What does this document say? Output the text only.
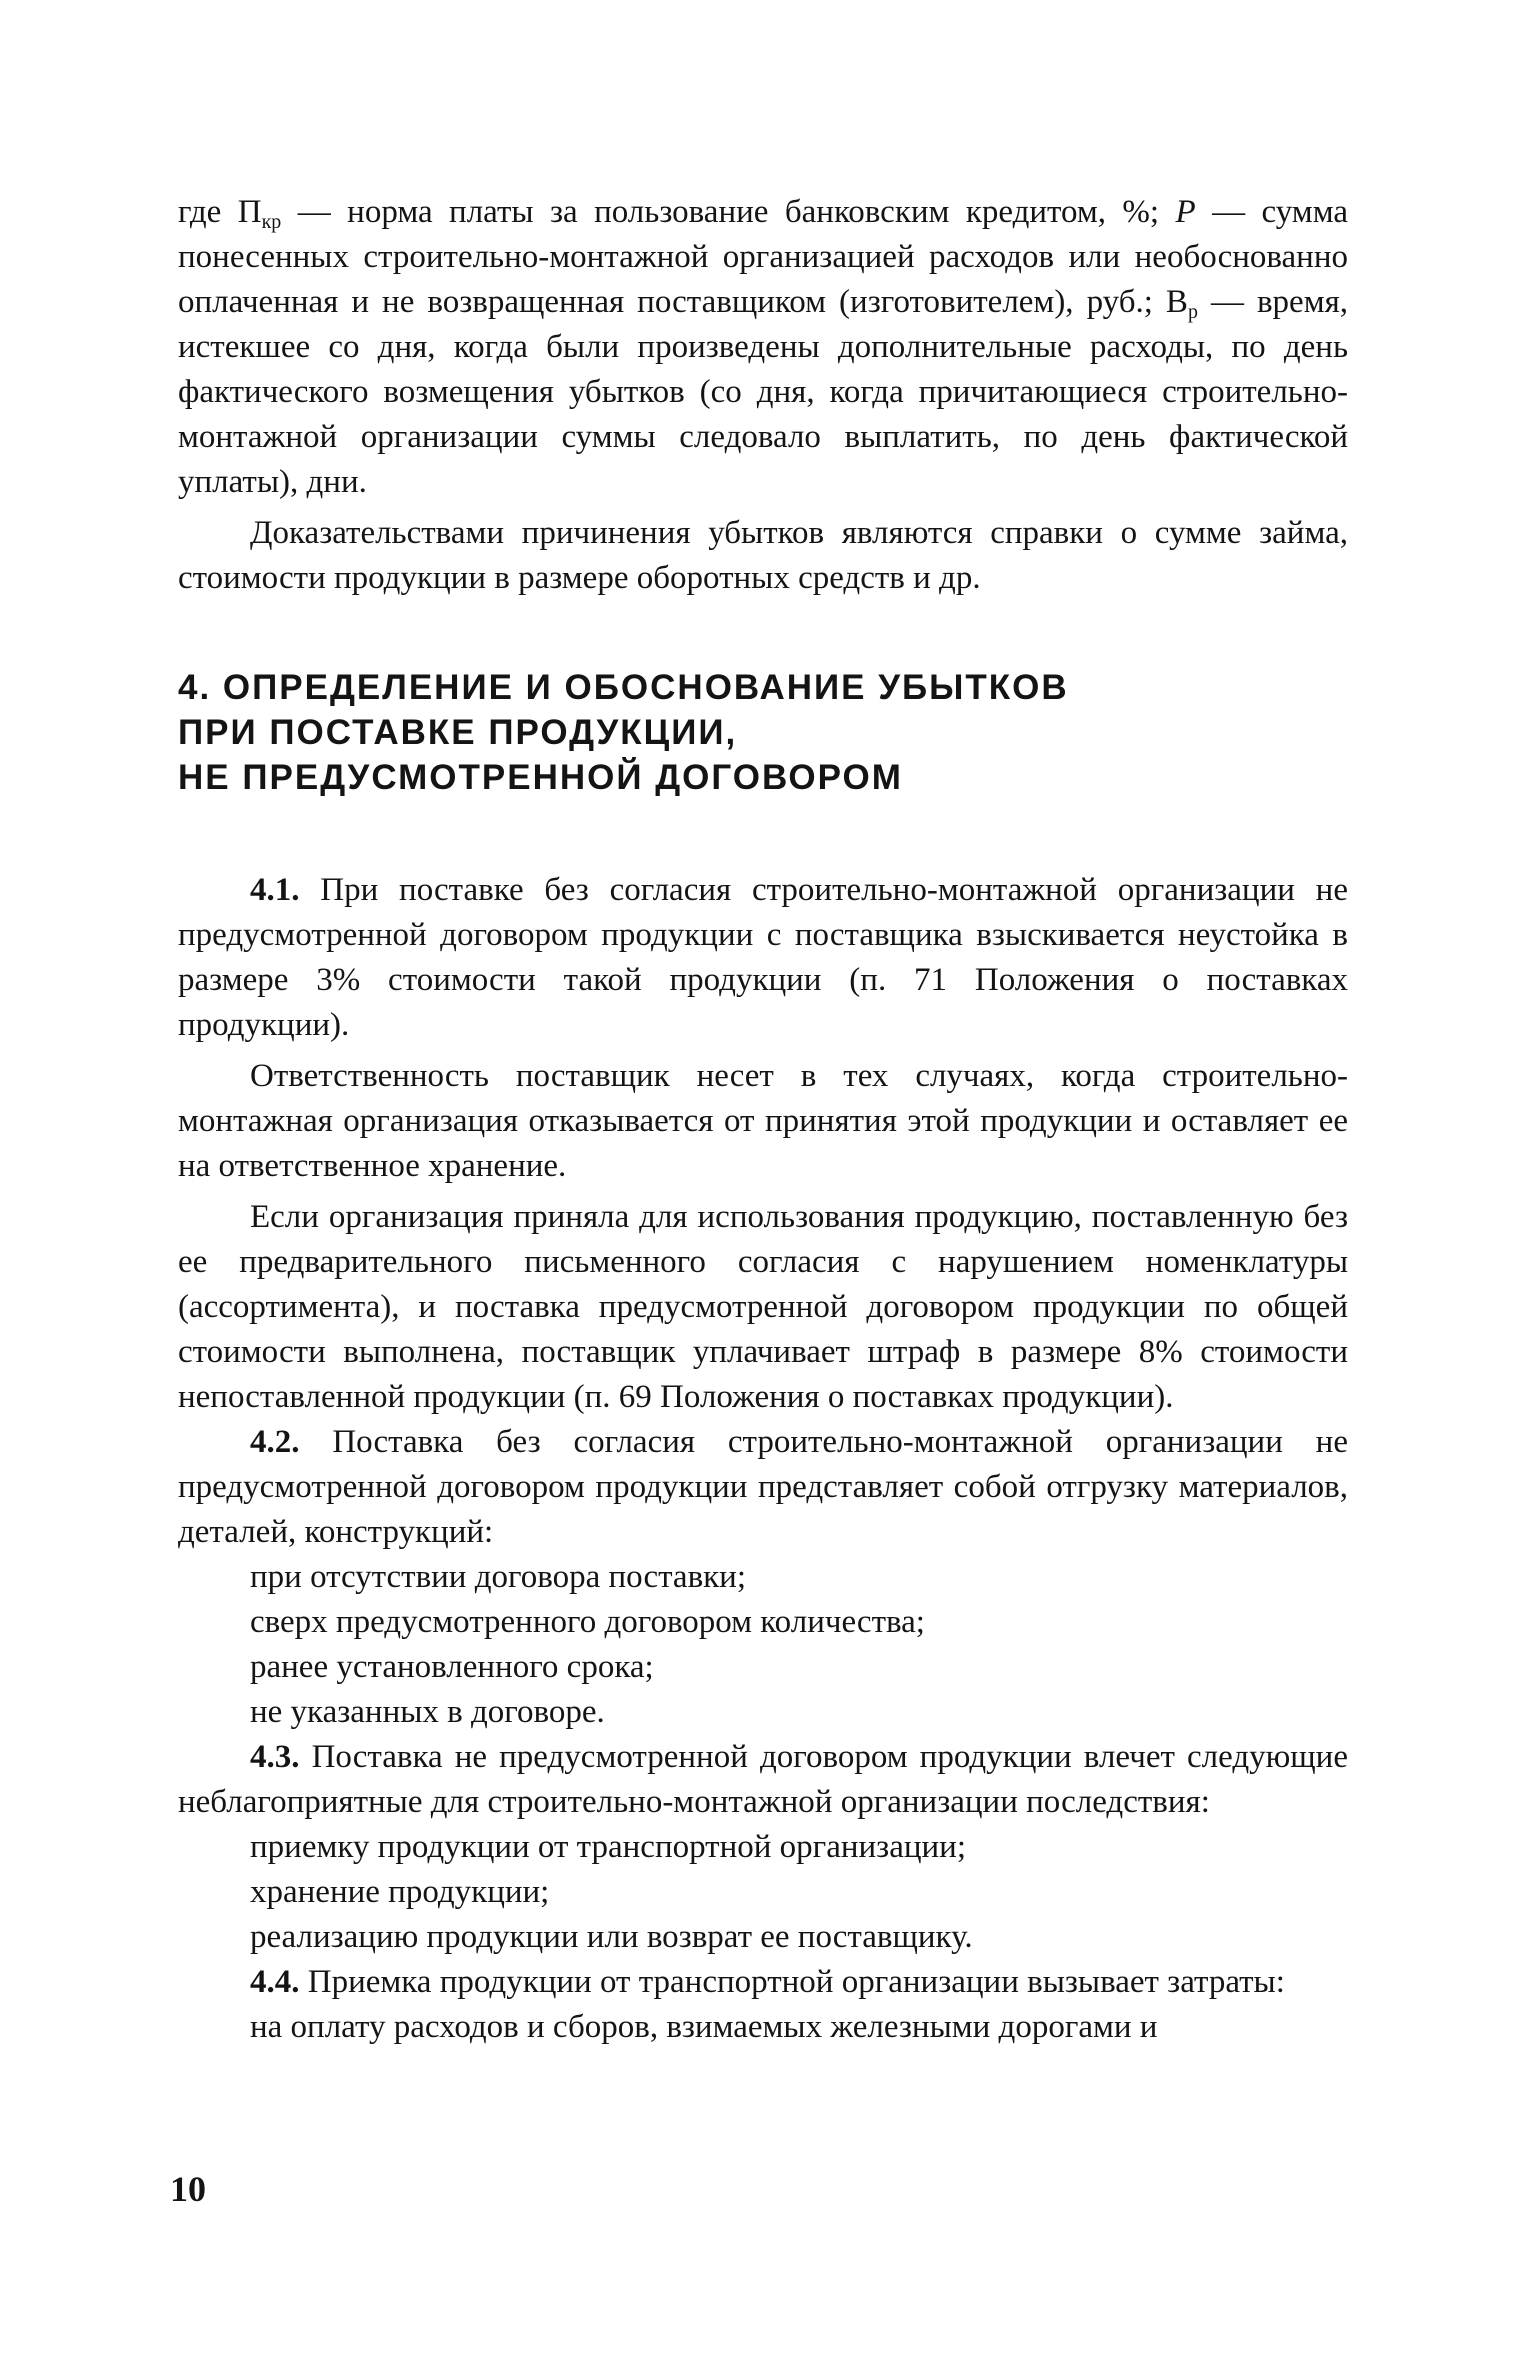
где $П_{кр}$ — норма платы за пользование банковским кредитом, %; Р — сумма понесенных строительно-монтажной организацией расходов или необоснованно оплаченная и не возвращенная поставщиком (изготовителем), руб.; $В_р$ — время, истекшее со дня, когда были произведены дополнительные расходы, по день фактического возмещения убытков (со дня, когда причитающиеся строительно-монтажной организации суммы следовало выплатить, по день фактической уплаты), дни.

Доказательствами причинения убытков являются справки о сумме займа, стоимости продукции в размере оборотных средств и др.

4. ОПРЕДЕЛЕНИЕ И ОБОСНОВАНИЕ УБЫТКОВ
ПРИ ПОСТАВКЕ ПРОДУКЦИИ,
НЕ ПРЕДУСМОТРЕННОЙ ДОГОВОРОМ

4.1. При поставке без согласия строительно-монтажной организации не предусмотренной договором продукции с поставщика взыскивается неустойка в размере 3% стоимости такой продукции (п. 71 Положения о поставках продукции).

Ответственность поставщик несет в тех случаях, когда строительно-монтажная организация отказывается от принятия этой продукции и оставляет ее на ответственное хранение.

Если организация приняла для использования продукцию, поставленную без ее предварительного письменного согласия с нарушением номенклатуры (ассортимента), и поставка предусмотренной договором продукции по общей стоимости выполнена, поставщик уплачивает штраф в размере 8% стоимости непоставленной продукции (п. 69 Положения о поставках продукции).

4.2. Поставка без согласия строительно-монтажной организации не предусмотренной договором продукции представляет собой отгрузку материалов, деталей, конструкций:

при отсутствии договора поставки;

сверх предусмотренного договором количества;

ранее установленного срока;

не указанных в договоре.

4.3. Поставка не предусмотренной договором продукции влечет следующие неблагоприятные для строительно-монтажной организации последствия:

приемку продукции от транспортной организации;

хранение продукции;

реализацию продукции или возврат ее поставщику.

4.4. Приемка продукции от транспортной организации вызывает затраты:

на оплату расходов и сборов, взимаемых железными дорогами и

10
